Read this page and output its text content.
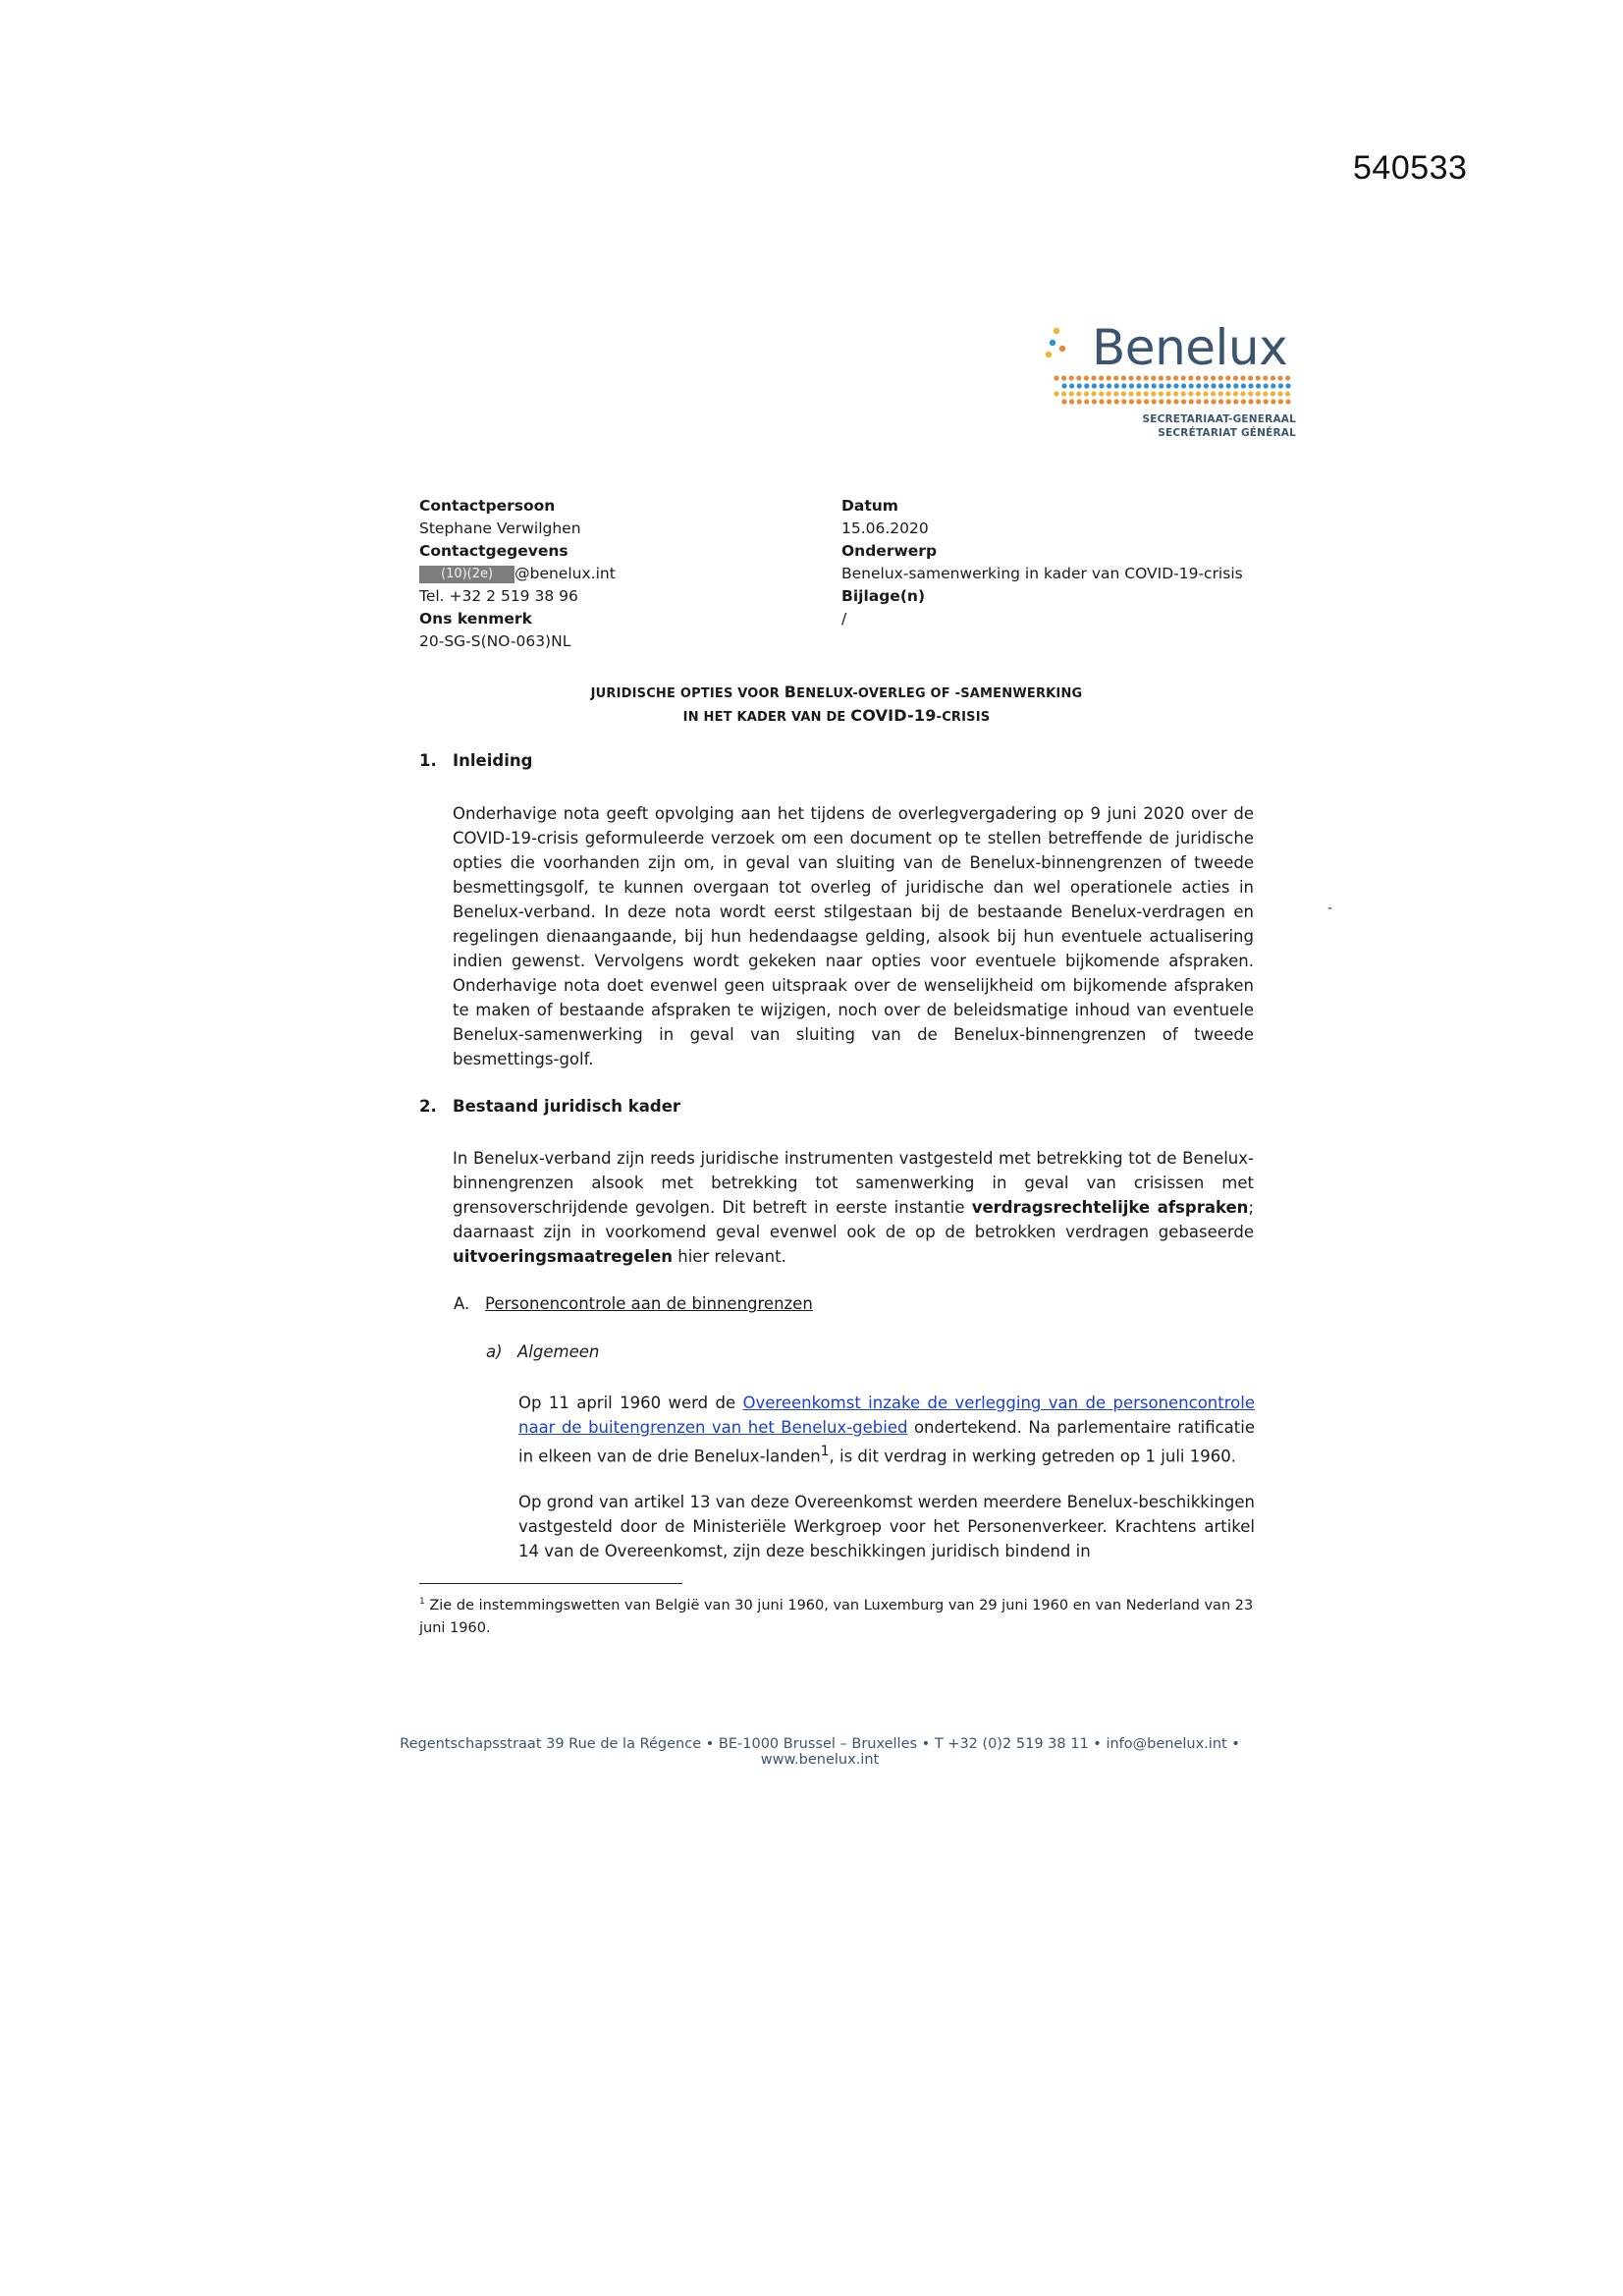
540533
Benelux
SECRETARIAAT-GENERAAL
SECRÉTARIAT GÉNÉRAL
Contactpersoon
Stephane Verwilghen
Contactgegevens
(10)(2e) @benelux.int
Tel. +32 2 519 38 96
Ons kenmerk
20-SG-S(NO-063)NL
Datum
15.06.2020
Onderwerp
Benelux-samenwerking in kader van COVID-19-crisis
Bijlage(n)
/
JURIDISCHE OPTIES VOOR BENELUX-OVERLEG OF -SAMENWERKING
IN HET KADER VAN DE COVID-19-CRISIS
1. Inleiding
Onderhavige nota geeft opvolging aan het tijdens de overlegvergadering op 9 juni 2020 over de
COVID-19-crisis geformuleerde verzoek om een document op te stellen betreffende de juridische
opties die voorhanden zijn om, in geval van sluiting van de Benelux-binnengrenzen of tweede
besmettingsgolf, te kunnen overgaan tot overleg of juridische dan wel operationele acties in
Benelux-verband. In deze nota wordt eerst stilgestaan bij de bestaande Benelux-verdragen en
regelingen dienaangaande, bij hun hedendaagse gelding, alsook bij hun eventuele actualisering
indien gewenst. Vervolgens wordt gekeken naar opties voor eventuele bijkomende afspraken.
Onderhavige nota doet evenwel geen uitspraak over de wenselijkheid om bijkomende afspraken
te maken of bestaande afspraken te wijzigen, noch over de beleidsmatige inhoud van eventuele
Benelux-samenwerking in geval van sluiting van de Benelux-binnengrenzen of tweede
besmettings-golf.
-
2. Bestaand juridisch kader

In Benelux-verband zijn reeds juridische instrumenten vastgesteld met betrekking tot de Benelux-binnengrenzen alsook met betrekking tot samenwerking in geval van crisissen met grensoverschrijdende gevolgen. Dit betreft in eerste instantie verdragsrechtelijke afspraken; daarnaast zijn in voorkomend geval evenwel ook de op de betrokken verdragen gebaseerde uitvoeringsmaatregelen hier relevant.

A. Personencontrole aan de binnengrenzen
a) Algemeen

Op 11 april 1960 werd de Overeenkomst inzake de verlegging van de personencontrole naar de buitengrenzen van het Benelux-gebied ondertekend. Na parlementaire ratificatie in elkeen van de drie Benelux-landen$^1$, is dit verdrag in werking getreden op 1 juli 1960.

Op grond van artikel 13 van deze Overeenkomst werden meerdere Benelux-beschikkingen vastgesteld door de Ministeriële Werkgroep voor het Personenverkeer. Krachtens artikel 14 van de Overeenkomst, zijn deze beschikkingen juridisch bindend in

$^1$ Zie de instemmingswetten van België van 30 juni 1960, van Luxemburg van 29 juni 1960 en van Nederland van 23 juni 1960.

Regentschapsstraat 39 Rue de la Régence • BE-1000 Brussel – Bruxelles • T +32 (0)2 519 38 11 • info@benelux.int • www.benelux.int
